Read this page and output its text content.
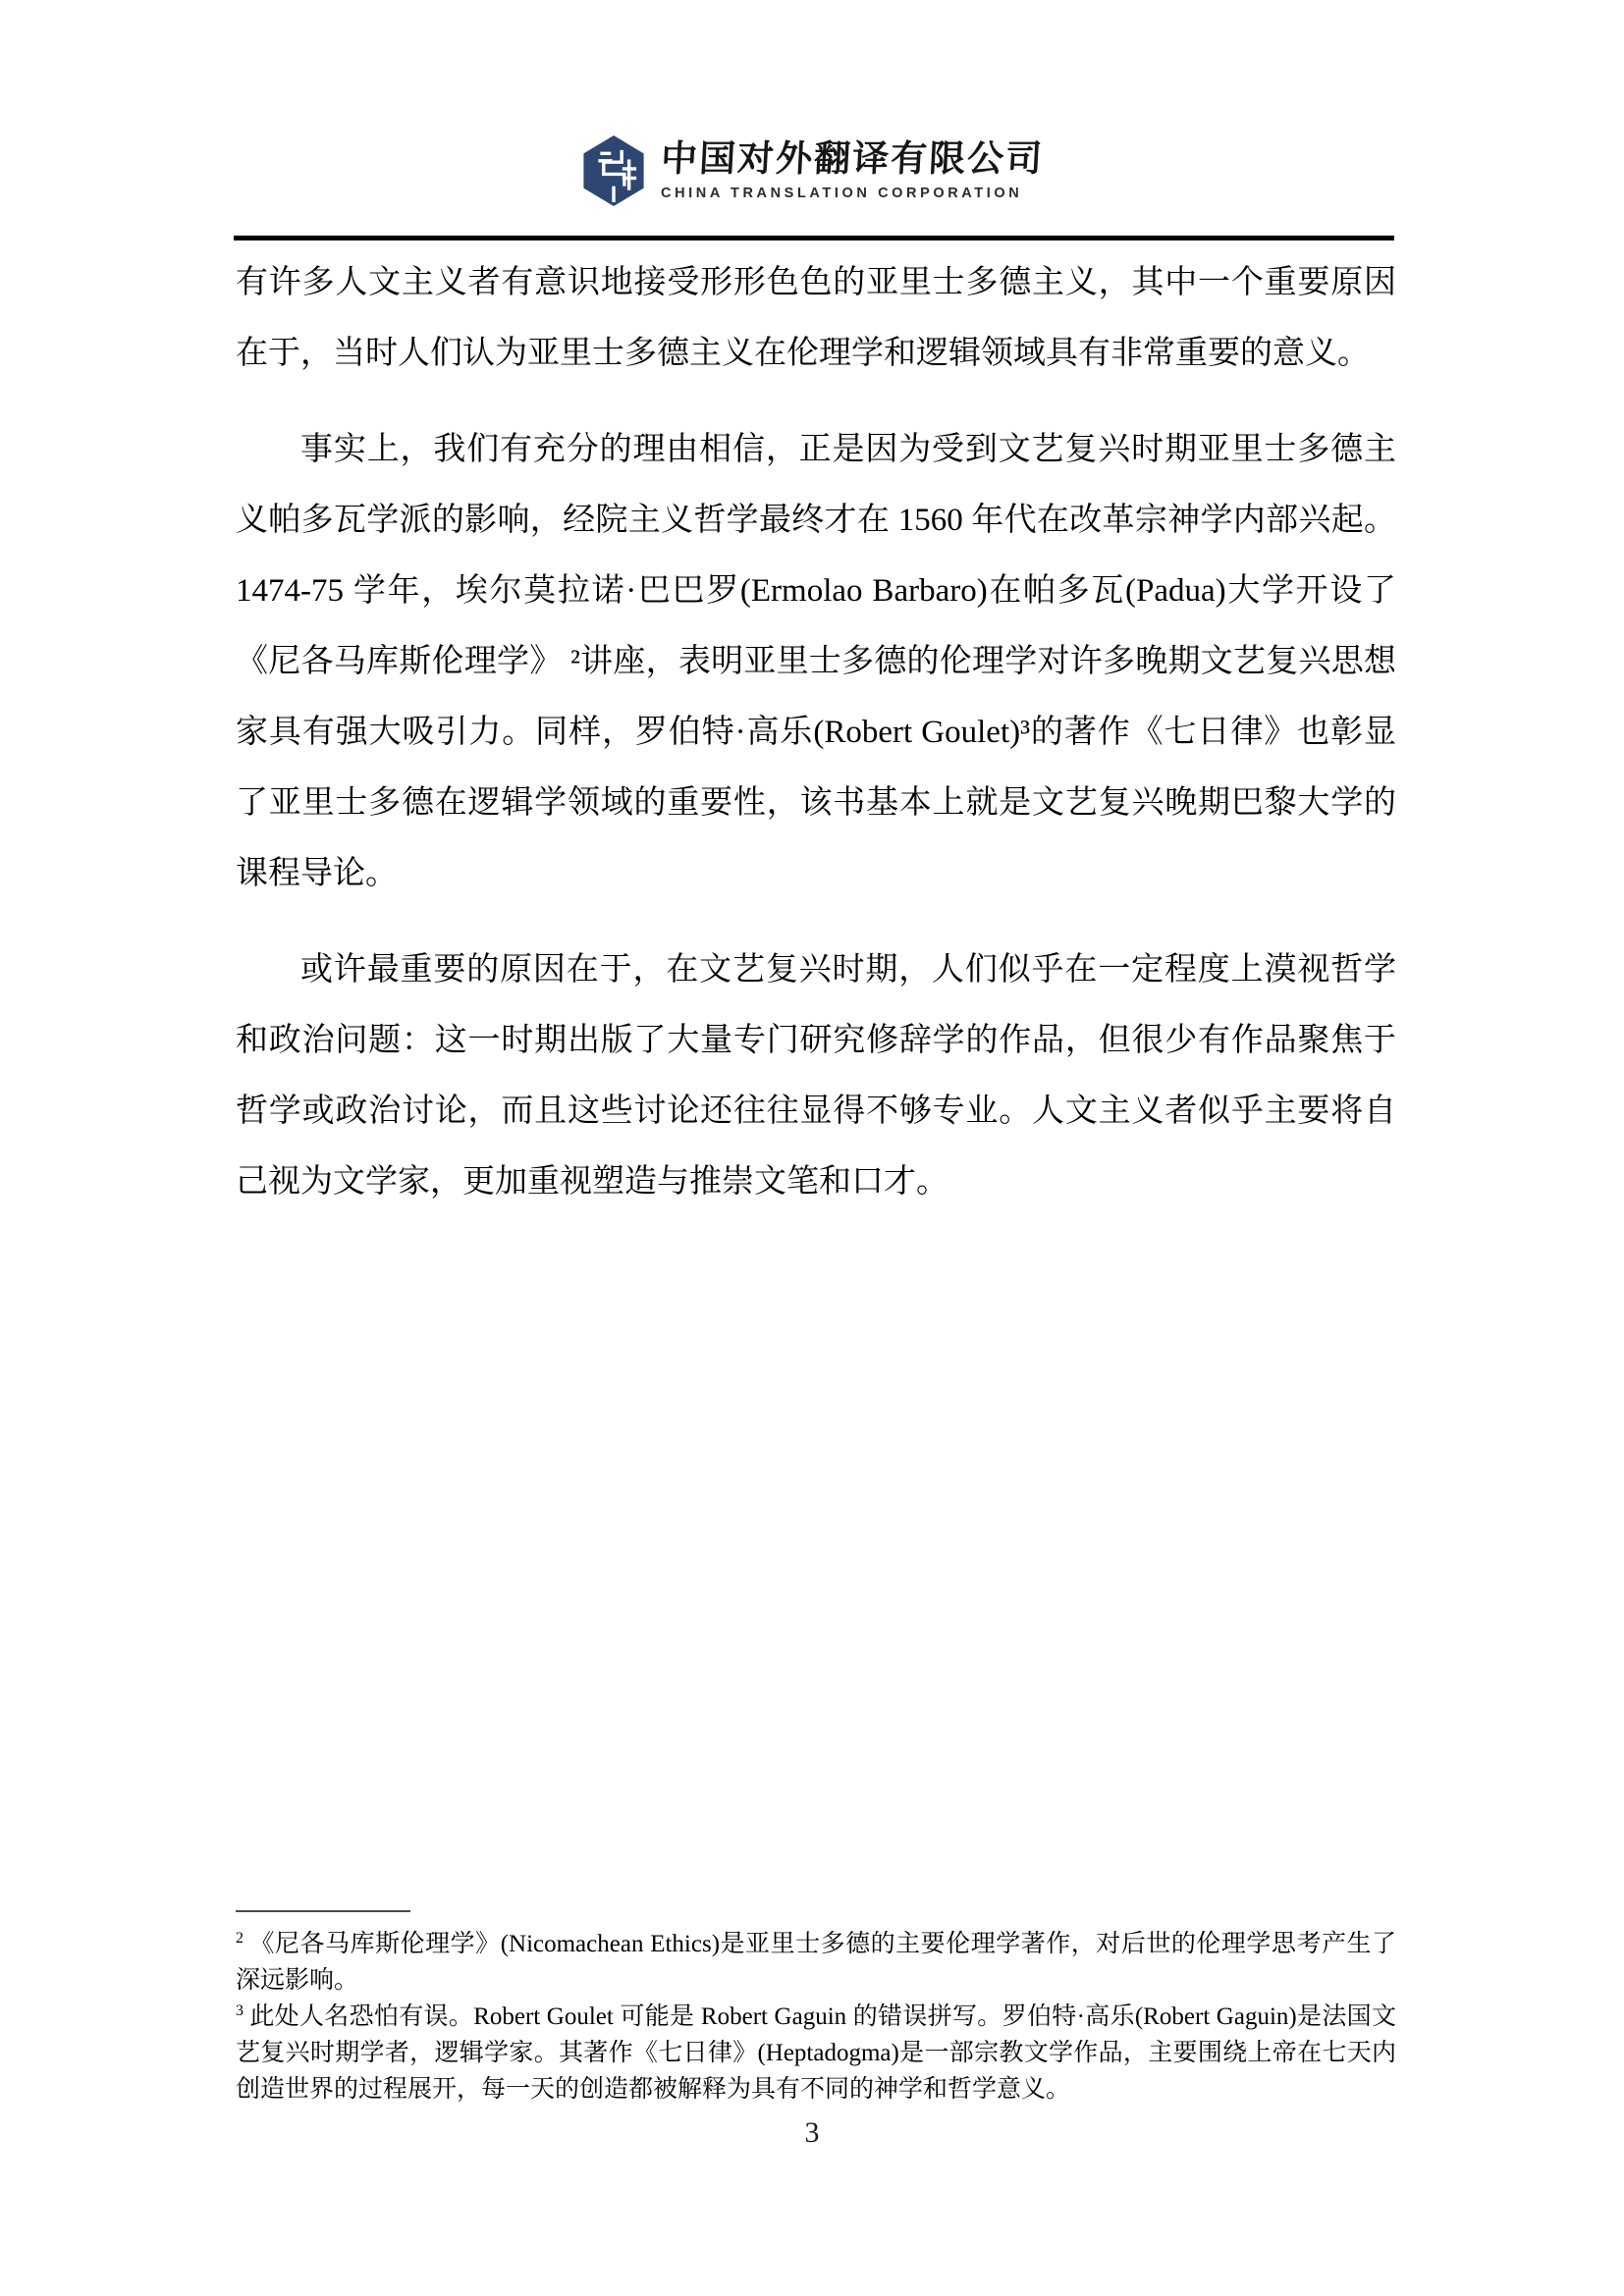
中国对外翻译有限公司
CHINA TRANSLATION CORPORATION

有许多人文主义者有意识地接受形形色色的亚里士多德主义，其中一个重要原因在于，当时人们认为亚里士多德主义在伦理学和逻辑领域具有非常重要的意义。

事实上，我们有充分的理由相信，正是因为受到文艺复兴时期亚里士多德主义帕多瓦学派的影响，经院主义哲学最终才在 1560 年代在改革宗神学内部兴起。1474-75 学年，埃尔莫拉诺·巴巴罗(Ermolao Barbaro)在帕多瓦(Padua)大学开设了《尼各马库斯伦理学》 ²讲座，表明亚里士多德的伦理学对许多晚期文艺复兴思想家具有强大吸引力。同样，罗伯特·高乐(Robert Goulet)³的著作《七日律》也彰显了亚里士多德在逻辑学领域的重要性，该书基本上就是文艺复兴晚期巴黎大学的课程导论。

或许最重要的原因在于，在文艺复兴时期，人们似乎在一定程度上漠视哲学和政治问题：这一时期出版了大量专门研究修辞学的作品，但很少有作品聚焦于哲学或政治讨论，而且这些讨论还往往显得不够专业。人文主义者似乎主要将自己视为文学家，更加重视塑造与推崇文笔和口才。

$^2$ 《尼各马库斯伦理学》(Nicomachean Ethics)是亚里士多德的主要伦理学著作，对后世的伦理学思考产生了深远影响。

$^3$ 此处人名恐怕有误。Robert Goulet 可能是 Robert Gaguin 的错误拼写。罗伯特·高乐(Robert Gaguin)是法国文艺复兴时期学者，逻辑学家。其著作《七日律》(Heptadogma)是一部宗教文学作品，主要围绕上帝在七天内创造世界的过程展开，每一天的创造都被解释为具有不同的神学和哲学意义。

3
